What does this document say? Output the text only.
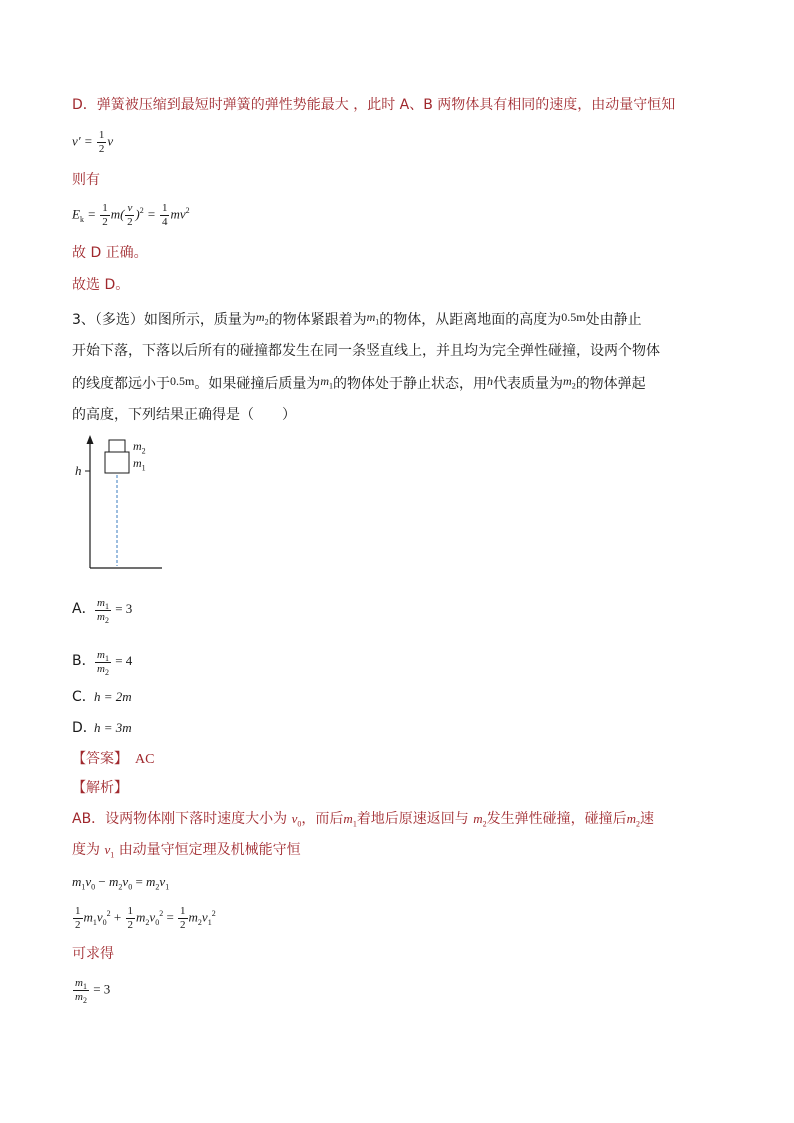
D．弹簧被压缩到最短时弹簧的弹性势能最大 ，此时 A、B 两物体具有相同的速度，由动量守恒知
$v' = \frac{1}{2}$ v
则有
$E_k = \frac{1}{2} m( \frac{v}{2} )^2 = \frac{1}{4} mv^2$
故 D 正确。
故选 D。
3、（多选）如图所示，质量为$m_2$的物体紧跟着为$m_1$的物体，从距离地面的高度为0.5m处由静止
开始下落，下落以后所有的碰撞都发生在同一条竖直线上，并且均为完全弹性碰撞，设两个物体
的线度都远小于0.5m。如果碰撞后质量为$m_1$的物体处于静止状态，用h代表质量为$m_2$的物体弹起
的高度，下列结果正确得是（　　）
$m_2$
$m_1$
h
A． $\frac{m_1}{m_2} = 3$
B． $\frac{m_1}{m_2} = 4$
C．h = 2m
D．h = 3m
【答案】　 AC
【解析】
AB．设两物体刚下落时速度大小为 $v_0$，而后$m_1$着地后原速返回与 $m_2$发生弹性碰撞，碰撞后$m_2$速
度为 $v_1$ 由动量守恒定理及机械能守恒
$m_1v_0 - m_2v_0 = m_2v_1$
$\frac{1}{2} m_1v_0^2 + \frac{1}{2} m_2v_0^2 = \frac{1}{2} m_2v_1^2$
可求得
$\frac{m_1}{m_2} = 3$
